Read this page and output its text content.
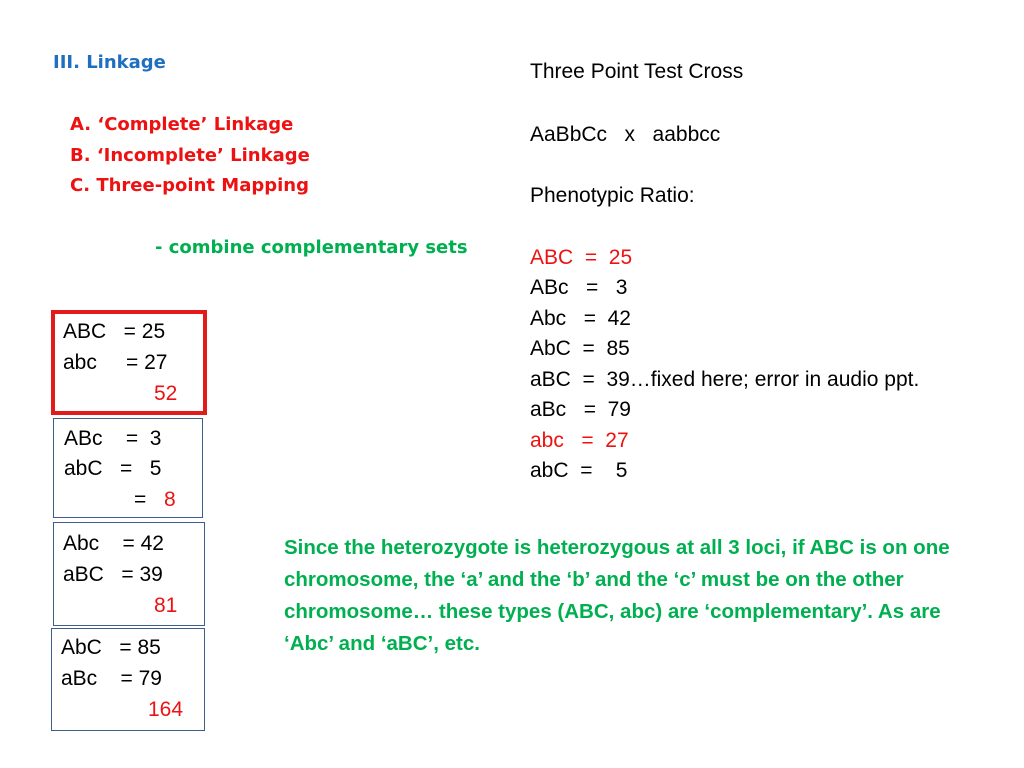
III. Linkage
A. ‘Complete’ Linkage
B. ‘Incomplete’ Linkage
C. Three-point Mapping
- combine complementary sets
Three Point Test Cross
AaBbCc   x   aabbcc
Phenotypic Ratio:
ABC  =  25
ABc   =   3
Abc   =  42
AbC  =  85
aBC  =  39…fixed here; error in audio ppt.
aBc   =  79
abc   =  27
abC  =    5
ABC   = 25
abc     = 27
52
ABc    =  3
abC   =   5
= 8
Abc    = 42
aBC   = 39
81
AbC   = 85
aBc    = 79
164
Since the heterozygote is heterozygous at all 3 loci, if ABC is on one chromosome, the ‘a’ and the ‘b’ and the ‘c’ must be on the other chromosome… these types (ABC, abc) are ‘complementary’. As are ‘Abc’ and ‘aBC’, etc.
